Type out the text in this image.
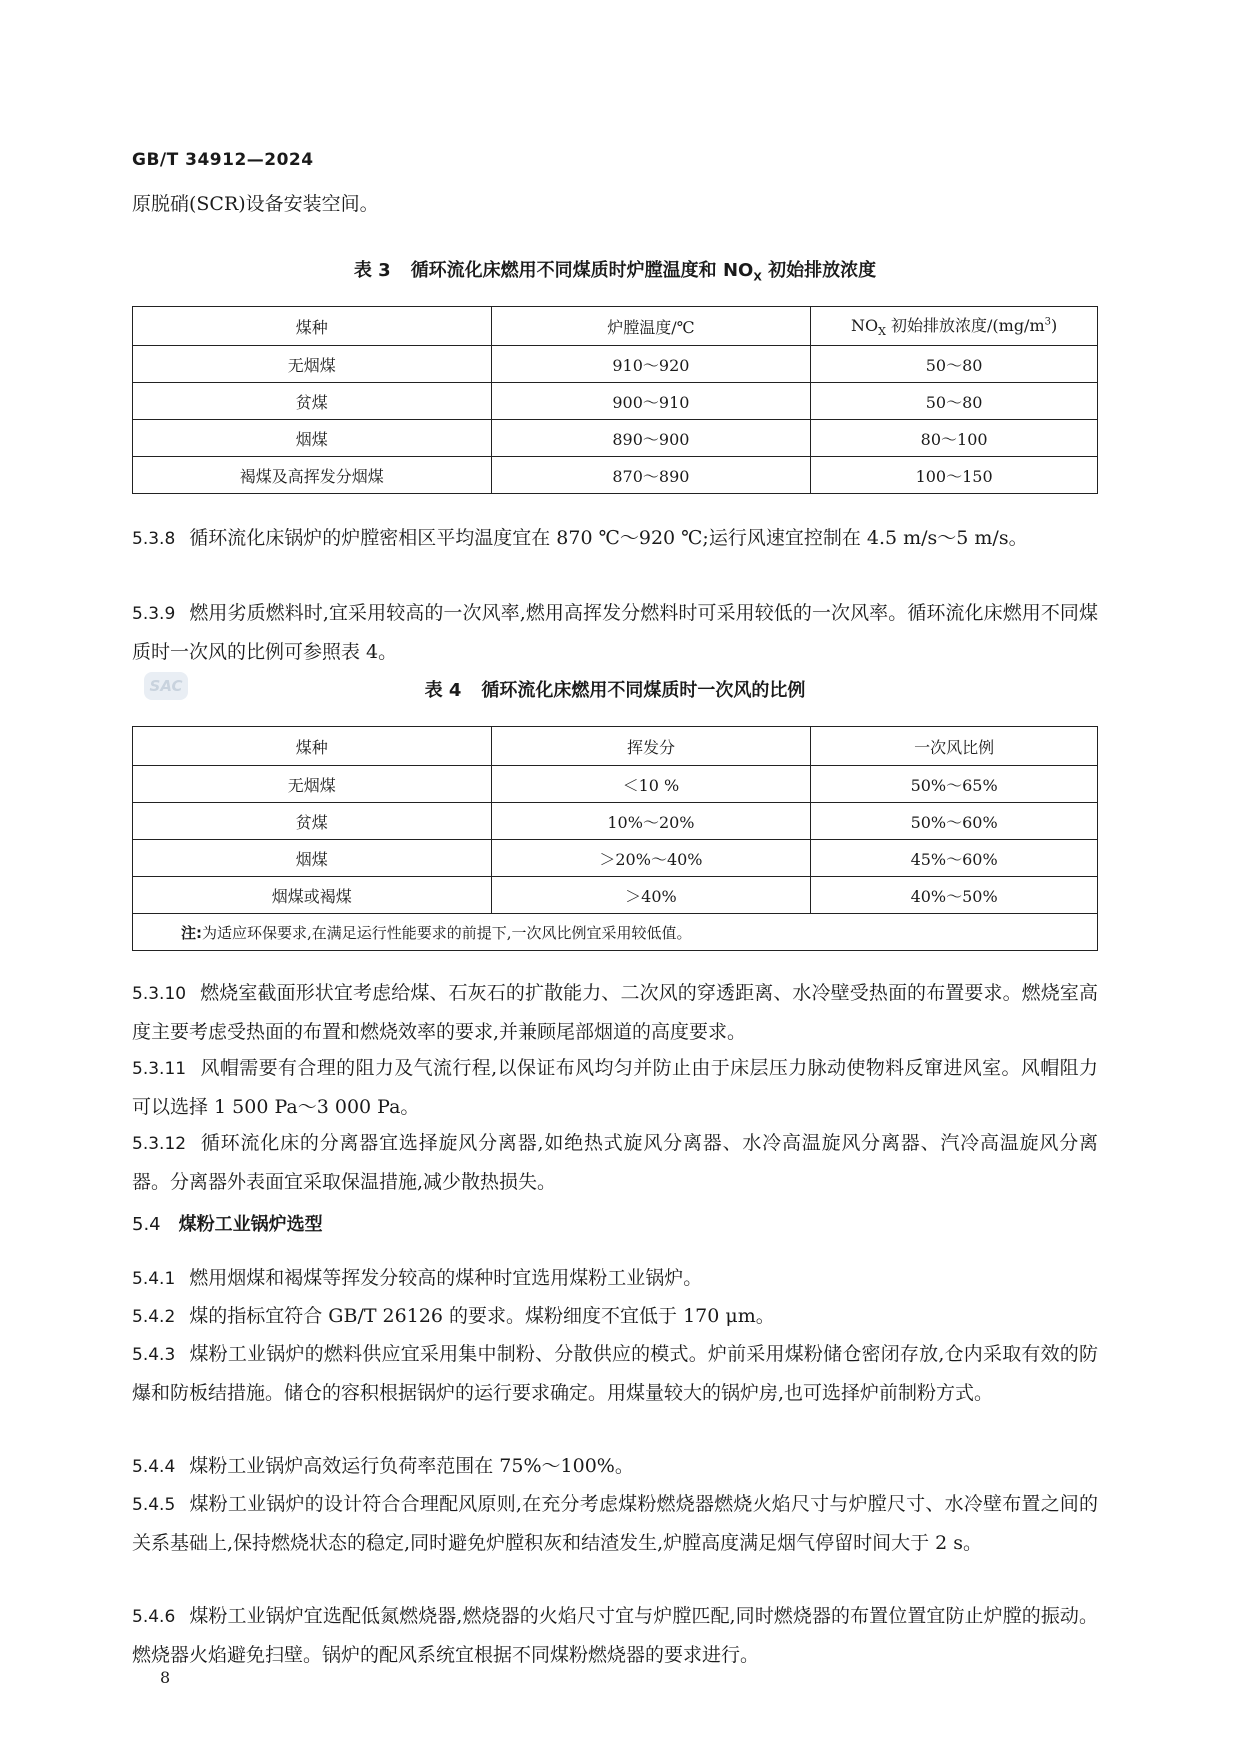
GB/T 34912—2024
原脱硝(SCR)设备安装空间。
表 3 循环流化床燃用不同煤质时炉膛温度和 $NO_X$ 初始排放浓度
煤种	炉膛温度/℃	$NO_X$ 初始排放浓度$/(mg/m^3)$
无烟煤	910～920	50～80
贫煤	900～910	50～80
烟煤	890～900	80～100
褐煤及高挥发分烟煤	870～890	100～150
5.3.8 循环流化床锅炉的炉膛密相区平均温度宜在 870 ℃～920 ℃;运行风速宜控制在 4.5 m/s～5 m/s。
5.3.9 燃用劣质燃料时,宜采用较高的一次风率,燃用高挥发分燃料时可采用较低的一次风率。循环流化床燃用不同煤质时一次风的比例可参照表 4。
SAC	表 4 循环流化床燃用不同煤质时一次风的比例
煤种	挥发分	一次风比例
无烟煤	＜10 %	50%～65%
贫煤	10%～20%	50%～60%
烟煤	＞20%～40%	45%～60%
烟煤或褐煤	＞40%	40%～50%
注:为适应环保要求,在满足运行性能要求的前提下,一次风比例宜采用较低值。		
5.3.10 燃烧室截面形状宜考虑给煤、石灰石的扩散能力、二次风的穿透距离、水冷壁受热面的布置要求。燃烧室高度主要考虑受热面的布置和燃烧效率的要求,并兼顾尾部烟道的高度要求。
5.3.11 风帽需要有合理的阻力及气流行程,以保证布风均匀并防止由于床层压力脉动使物料反窜进风室。风帽阻力可以选择 1 500 Pa～3 000 Pa。
5.3.12 循环流化床的分离器宜选择旋风分离器,如绝热式旋风分离器、水冷高温旋风分离器、汽冷高温旋风分离器。分离器外表面宜采取保温措施,减少散热损失。
5.4 煤粉工业锅炉选型
5.4.1 燃用烟煤和褐煤等挥发分较高的煤种时宜选用煤粉工业锅炉。
5.4.2 煤的指标宜符合 GB/T 26126 的要求。煤粉细度不宜低于 170 μm。
5.4.3 煤粉工业锅炉的燃料供应宜采用集中制粉、分散供应的模式。炉前采用煤粉储仓密闭存放,仓内采取有效的防爆和防板结措施。储仓的容积根据锅炉的运行要求确定。用煤量较大的锅炉房,也可选择炉前制粉方式。
5.4.4 煤粉工业锅炉高效运行负荷率范围在 75%～100%。
5.4.5 煤粉工业锅炉的设计符合合理配风原则,在充分考虑煤粉燃烧器燃烧火焰尺寸与炉膛尺寸、水冷壁布置之间的关系基础上,保持燃烧状态的稳定,同时避免炉膛积灰和结渣发生,炉膛高度满足烟气停留时间大于 2 s。
5.4.6 煤粉工业锅炉宜选配低氮燃烧器,燃烧器的火焰尺寸宜与炉膛匹配,同时燃烧器的布置位置宜防止炉膛的振动。燃烧器火焰避免扫壁。锅炉的配风系统宜根据不同煤粉燃烧器的要求进行。
8
